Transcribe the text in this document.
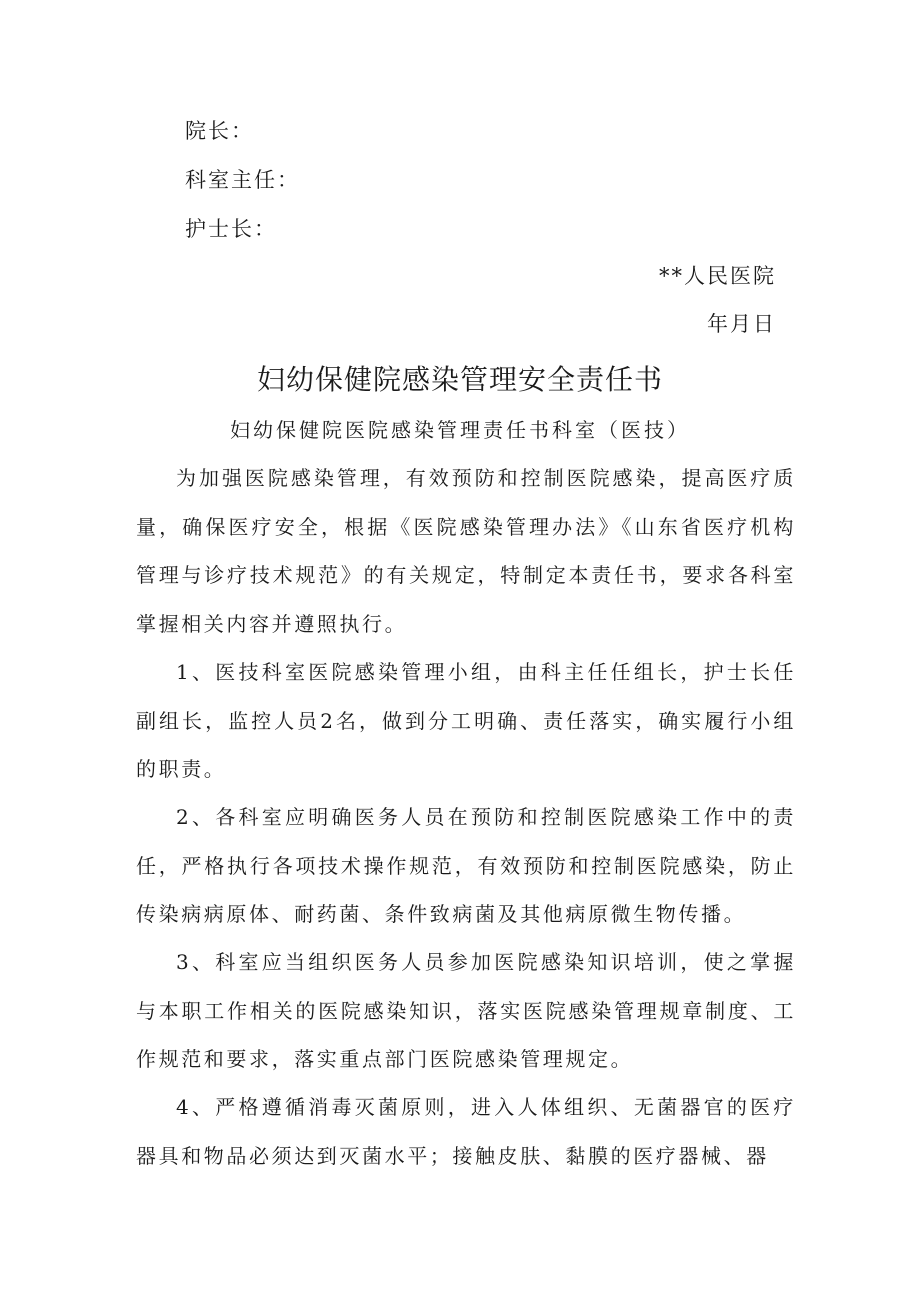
院长：
科室主任：
护士长：
**人民医院
年月日
妇幼保健院感染管理安全责任书
妇幼保健院医院感染管理责任书科室（医技）

为加强医院感染管理，有效预防和控制医院感染，提高医疗质量，确保医疗安全，根据《医院感染管理办法》《山东省医疗机构管理与诊疗技术规范》的有关规定，特制定本责任书，要求各科室掌握相关内容并遵照执行。

1、医技科室医院感染管理小组，由科主任任组长，护士长任副组长，监控人员2名，做到分工明确、责任落实，确实履行小组的职责。

2、各科室应明确医务人员在预防和控制医院感染工作中的责任，严格执行各项技术操作规范，有效预防和控制医院感染，防止传染病病原体、耐药菌、条件致病菌及其他病原微生物传播。

3、科室应当组织医务人员参加医院感染知识培训，使之掌握与本职工作相关的医院感染知识，落实医院感染管理规章制度、工作规范和要求，落实重点部门医院感染管理规定。

4、严格遵循消毒灭菌原则，进入人体组织、无菌器官的医疗器具和物品必须达到灭菌水平；接触皮肤、黏膜的医疗器械、器
